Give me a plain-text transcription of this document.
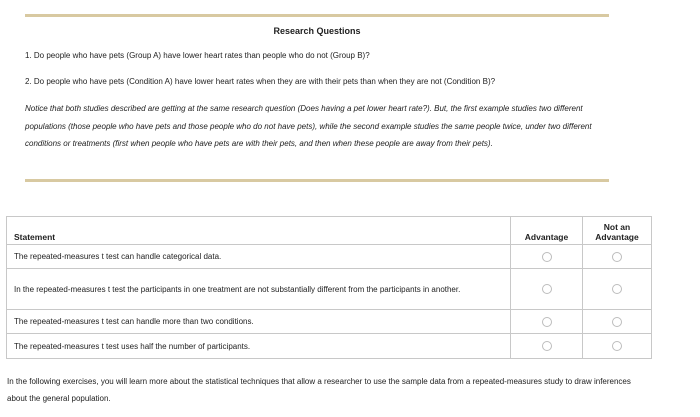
Research Questions
1. Do people who have pets (Group A) have lower heart rates than people who do not (Group B)?
2. Do people who have pets (Condition A) have lower heart rates when they are with their pets than when they are not (Condition B)?
Notice that both studies described are getting at the same research question (Does having a pet lower heart rate?). But, the first example studies two different populations (those people who have pets and those people who do not have pets), while the second example studies the same people twice, under two different conditions or treatments (first when people who have pets are with their pets, and then when these people are away from their pets).
Statement	Advantage	Not an
Advantage
The repeated-measures t test can handle categorical data.		
In the repeated-measures t test the participants in one treatment are not substantially different from the participants in another.		
The repeated-measures t test can handle more than two conditions.		
The repeated-measures t test uses half the number of participants.		
In the following exercises, you will learn more about the statistical techniques that allow a researcher to use the sample data from a repeated-measures study to draw inferences about the general population.
